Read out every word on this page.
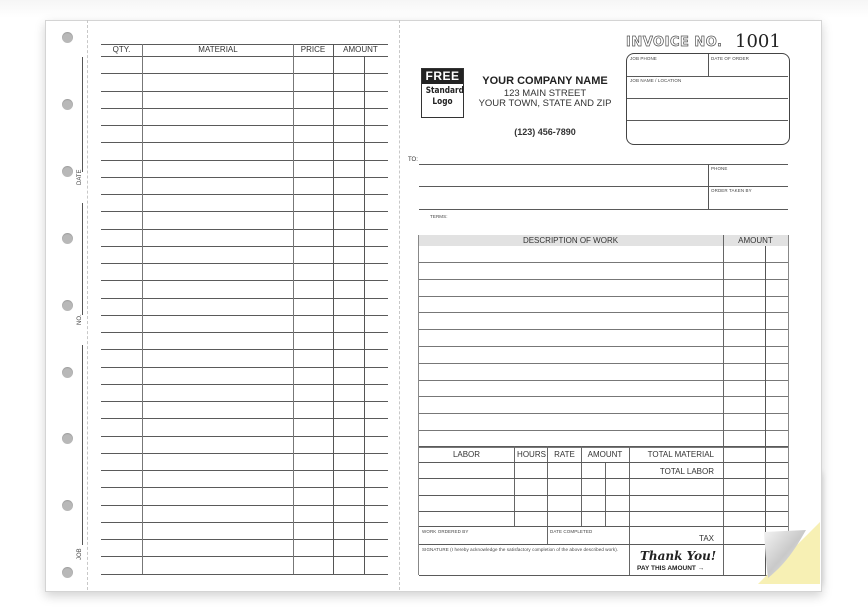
DATE
NO.
JOB
QTY.	MATERIAL	PRICE	AMOUNT
FREE
Standard
Logo
YOUR COMPANY NAME
123 MAIN STREET
YOUR TOWN, STATE AND ZIP
(123) 456-7890
INVOICE NO. 1001
JOB PHONE	DATE OF ORDER
JOB NAME / LOCATION
TO:
PHONE
ORDER TAKEN BY
TERMS:
DESCRIPTION OF WORK	AMOUNT
LABOR	HOURS	RATE	AMOUNT	TOTAL MATERIAL
TOTAL LABOR
TAX
WORK ORDERED BY	DATE COMPLETED
SIGNATURE (I hereby acknowledge the satisfactory completion of the above described work). Thank You!
PAY THIS AMOUNT →
